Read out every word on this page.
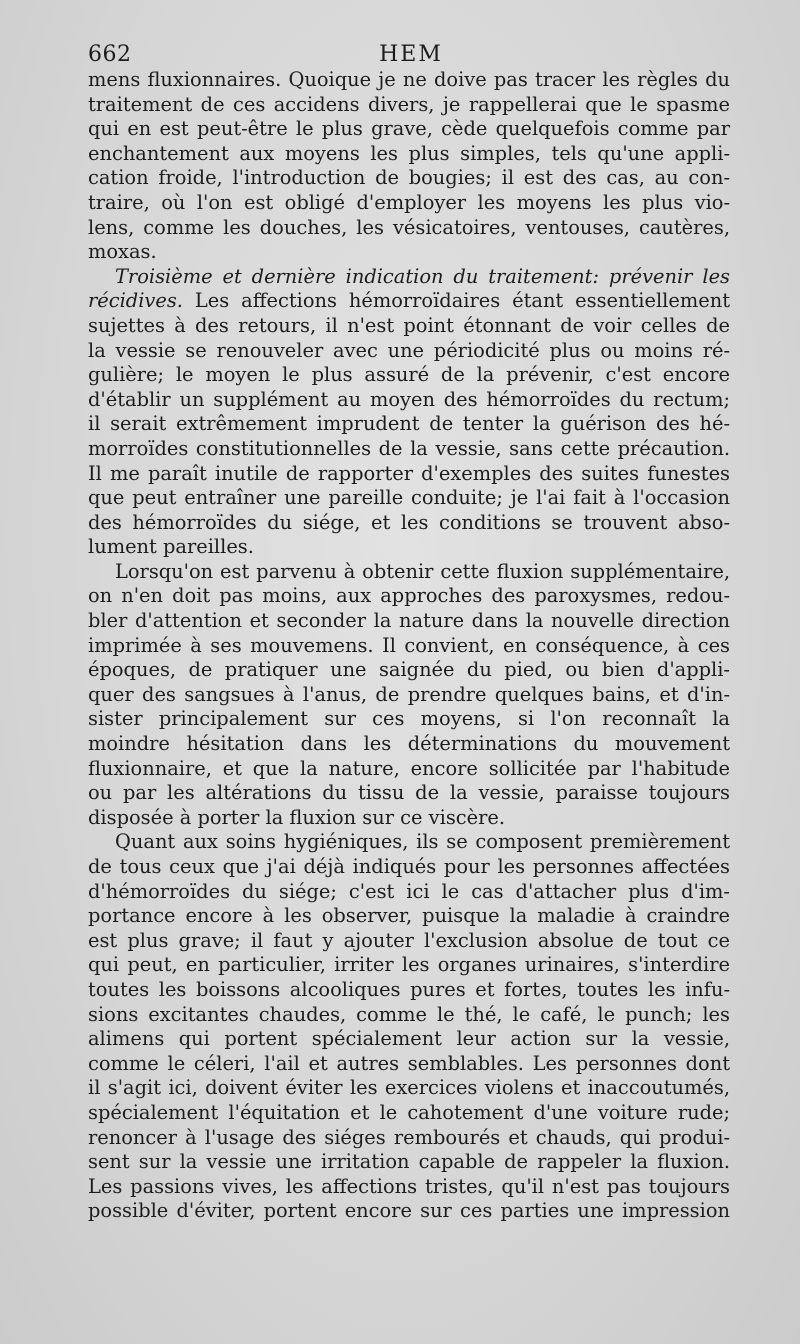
662	HEM

mens fluxionnaires. Quoique je ne doive pas tracer les règles du
traitement de ces accidens divers, je rappellerai que le spasme
qui en est peut-être le plus grave, cède quelquefois comme par
enchantement aux moyens les plus simples, tels qu'une appli-
cation froide, l'introduction de bougies; il est des cas, au con-
traire, où l'on est obligé d'employer les moyens les plus vio-
lens, comme les douches, les vésicatoires, ventouses, cautères,
moxas.

Troisième et dernière indication du traitement: prévenir les
récidives. Les affections hémorroïdaires étant essentiellement
sujettes à des retours, il n'est point étonnant de voir celles de
la vessie se renouveler avec une périodicité plus ou moins ré-
gulière; le moyen le plus assuré de la prévenir, c'est encore
d'établir un supplément au moyen des hémorroïdes du rectum;
il serait extrêmement imprudent de tenter la guérison des hé-
morroïdes constitutionnelles de la vessie, sans cette précaution.
Il me paraît inutile de rapporter d'exemples des suites funestes
que peut entraîner une pareille conduite; je l'ai fait à l'occasion
des hémorroïdes du siége, et les conditions se trouvent abso-
lument pareilles.

Lorsqu'on est parvenu à obtenir cette fluxion supplémentaire,
on n'en doit pas moins, aux approches des paroxysmes, redou-
bler d'attention et seconder la nature dans la nouvelle direction
imprimée à ses mouvemens. Il convient, en conséquence, à ces
époques, de pratiquer une saignée du pied, ou bien d'appli-
quer des sangsues à l'anus, de prendre quelques bains, et d'in-
sister principalement sur ces moyens, si l'on reconnaît la
moindre hésitation dans les déterminations du mouvement
fluxionnaire, et que la nature, encore sollicitée par l'habitude
ou par les altérations du tissu de la vessie, paraisse toujours
disposée à porter la fluxion sur ce viscère.

Quant aux soins hygiéniques, ils se composent premièrement
de tous ceux que j'ai déjà indiqués pour les personnes affectées
d'hémorroïdes du siége; c'est ici le cas d'attacher plus d'im-
portance encore à les observer, puisque la maladie à craindre
est plus grave; il faut y ajouter l'exclusion absolue de tout ce
qui peut, en particulier, irriter les organes urinaires, s'interdire
toutes les boissons alcooliques pures et fortes, toutes les infu-
sions excitantes chaudes, comme le thé, le café, le punch; les
alimens qui portent spécialement leur action sur la vessie,
comme le céleri, l'ail et autres semblables. Les personnes dont
il s'agit ici, doivent éviter les exercices violens et inaccoutumés,
spécialement l'équitation et le cahotement d'une voiture rude;
renoncer à l'usage des siéges rembourés et chauds, qui produi-
sent sur la vessie une irritation capable de rappeler la fluxion.
Les passions vives, les affections tristes, qu'il n'est pas toujours
possible d'éviter, portent encore sur ces parties une impression
